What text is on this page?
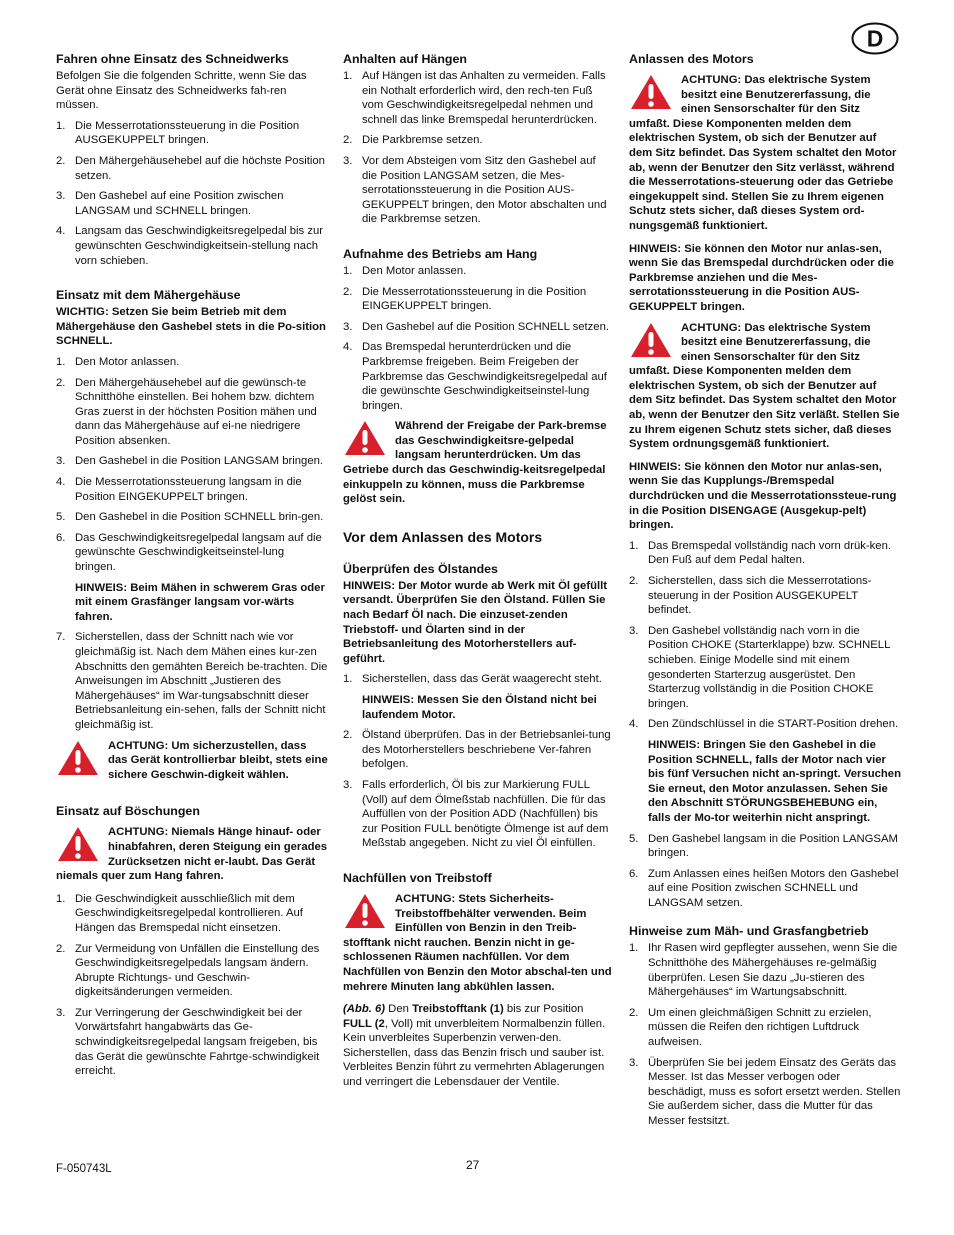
D
Fahren ohne Einsatz des Schneidwerks

Befolgen Sie die folgenden Schritte, wenn Sie das Gerät ohne Einsatz des Schneidwerks fah-ren müssen.

1. Die Messerrotationssteuerung in die Position AUSGEKUPPELT bringen.
2. Den Mähergehäusehebel auf die höchste Position setzen.
3. Den Gashebel auf eine Position zwischen LANGSAM und SCHNELL bringen.
4. Langsam das Geschwindigkeitsregelpedal bis zur gewünschten Geschwindigkeitsein-stellung nach vorn schieben.
Einsatz mit dem Mähergehäuse

WICHTIG: Setzen Sie beim Betrieb mit dem Mähergehäuse den Gashebel stets in die Po-sition SCHNELL.

1. Den Motor anlassen.
2. Den Mähergehäusehebel auf die gewünsch-te Schnitthöhe einstellen. Bei hohem bzw. dichtem Gras zuerst in der höchsten Position mähen und dann das Mähergehäuse auf ei-ne niedrigere Position absenken.
3. Den Gashebel in die Position LANGSAM bringen.
4. Die Messerrotationssteuerung langsam in die Position EINGEKUPPELT bringen.
5. Den Gashebel in die Position SCHNELL brin-gen.
6. Das Geschwindigkeitsregelpedal langsam auf die gewünschte Geschwindigkeitseinstel-lung bringen.
HINWEIS: Beim Mähen in schwerem Gras oder mit einem Grasfänger langsam vor-wärts fahren.
7. Sicherstellen, dass der Schnitt nach wie vor gleichmäßig ist. Nach dem Mähen eines kur-zen Abschnitts den gemähten Bereich be-trachten. Die Anweisungen im Abschnitt „Justieren des Mähergehäuses“ im War-tungsabschnitt dieser Betriebsanleitung ein-sehen, falls der Schnitt nicht gleichmäßig ist.
ACHTUNG: Um sicherzustellen, dass das Gerät kontrollierbar bleibt, stets eine sichere Geschwin-digkeit wählen.
Einsatz auf Böschungen
ACHTUNG: Niemals Hänge hinauf- oder hinabfahren, deren Steigung ein gerades Zurücksetzen nicht er-laubt. Das Gerät niemals quer zum Hang fahren.
1. Die Geschwindigkeit ausschließlich mit dem Geschwindigkeitsregelpedal kontrollieren. Auf Hängen das Bremspedal nicht einsetzen.
2. Zur Vermeidung von Unfällen die Einstellung des Geschwindigkeitsregelpedals langsam ändern. Abrupte Richtungs- und Geschwin-digkeitsänderungen vermeiden.
3. Zur Verringerung der Geschwindigkeit bei der Vorwärtsfahrt hangabwärts das Ge-schwindigkeitsregelpedal langsam freigeben, bis das Gerät die gewünschte Fahrtge-schwindigkeit erreicht.
Anhalten auf Hängen
1. Auf Hängen ist das Anhalten zu vermeiden. Falls ein Nothalt erforderlich wird, den rech-ten Fuß vom Geschwindigkeitsregelpedal nehmen und schnell das linke Bremspedal herunterdrücken.
2. Die Parkbremse setzen.
3. Vor dem Absteigen vom Sitz den Gashebel auf die Position LANGSAM setzen, die Mes-serrotationssteuerung in die Position AUS-GEKUPPELT bringen, den Motor abschalten und die Parkbremse setzen.
Aufnahme des Betriebs am Hang
1. Den Motor anlassen.
2. Die Messerrotationssteuerung in die Position EINGEKUPPELT bringen.
3. Den Gashebel auf die Position SCHNELL setzen.
4. Das Bremspedal herunterdrücken und die Parkbremse freigeben. Beim Freigeben der Parkbremse das Geschwindigkeitsregelpedal auf die gewünschte Geschwindigkeitseinstel-lung bringen.
Während der Freigabe der Park-bremse das Geschwindigkeitsre-gelpedal langsam herunterdrücken. Um das Getriebe durch das Geschwindig-keitsregelpedal einkuppeln zu können, muss die Parkbremse gelöst sein.
Vor dem Anlassen des Motors
Überprüfen des Ölstandes

HINWEIS: Der Motor wurde ab Werk mit Öl gefüllt versandt. Überprüfen Sie den Ölstand. Füllen Sie nach Bedarf Öl nach. Die einzuset-zenden Triebstoff- und Ölarten sind in der Betriebsanleitung des Motorherstellers auf-geführt.

1. Sicherstellen, dass das Gerät waagerecht steht.
HINWEIS: Messen Sie den Ölstand nicht bei laufendem Motor.
2. Ölstand überprüfen. Das in der Betriebsanlei-tung des Motorherstellers beschriebene Ver-fahren befolgen.
3. Falls erforderlich, Öl bis zur Markierung FULL (Voll) auf dem Ölmeßstab nachfüllen. Die für das Auffüllen von der Position ADD (Nachfüllen) bis zur Position FULL benötigte Ölmenge ist auf dem Meßstab angegeben. Nicht zu viel Öl einfüllen.
Nachfüllen von Treibstoff
ACHTUNG: Stets Sicherheits-Treibstoffbehälter verwenden. Beim Einfüllen von Benzin in den Treib-stofftank nicht rauchen. Benzin nicht in ge-schlossenen Räumen nachfüllen. Vor dem Nachfüllen von Benzin den Motor abschal-ten und mehrere Minuten lang abkühlen lassen.

(Abb. 6) Den Treibstofftank (1) bis zur Position FULL (2, Voll) mit unverbleitem Normalbenzin füllen. Kein unverbleites Superbenzin verwen-den. Sicherstellen, dass das Benzin frisch und sauber ist. Verbleites Benzin führt zu vermehrten Ablagerungen und verringert die Lebensdauer der Ventile.

Anlassen des Motors
ACHTUNG: Das elektrische System besitzt eine Benutzererfassung, die einen Sensorschalter für den Sitz umfaßt. Diese Komponenten melden dem elektrischen System, ob sich der Benutzer auf dem Sitz befindet. Das System schaltet den Motor ab, wenn der Benutzer den Sitz verlässt, während die Messerrotations-steuerung oder das Getriebe eingekuppelt sind. Stellen Sie zu Ihrem eigenen Schutz stets sicher, daß dieses System ord-nungsgemäß funktioniert.

HINWEIS: Sie können den Motor nur anlas-sen, wenn Sie das Bremspedal durchdrücken oder die Parkbremse anziehen und die Mes-serrotationssteuerung in die Position AUS-GEKUPPELT bringen.

ACHTUNG: Das elektrische System besitzt eine Benutzererfassung, die einen Sensorschalter für den Sitz umfaßt. Diese Komponenten melden dem elektrischen System, ob sich der Benutzer auf dem Sitz befindet. Das System schaltet den Motor ab, wenn der Benutzer den Sitz verläßt. Stellen Sie zu Ihrem eigenen Schutz stets sicher, daß dieses System ordnungsgemäß funktioniert.

HINWEIS: Sie können den Motor nur anlas-sen, wenn Sie das Kupplungs-/Bremspedal durchdrücken und die Messerrotationssteue-rung in die Position DISENGAGE (Ausgekup-pelt) bringen.

1. Das Bremspedal vollständig nach vorn drük-ken. Den Fuß auf dem Pedal halten.
2. Sicherstellen, dass sich die Messerrotations-steuerung in der Position AUSGEKUPELT befindet.
3. Den Gashebel vollständig nach vorn in die Position CHOKE (Starterklappe) bzw. SCHNELL schieben. Einige Modelle sind mit einem gesonderten Starterzug ausgerüstet. Den Starterzug vollständig in die Position CHOKE bringen.
4. Den Zündschlüssel in die START-Position drehen.
HINWEIS: Bringen Sie den Gashebel in die Position SCHNELL, falls der Motor nach vier bis fünf Versuchen nicht an-springt. Versuchen Sie erneut, den Motor anzulassen. Sehen Sie den Abschnitt STÖRUNGSBEHEBUNG ein, falls der Mo-tor weiterhin nicht anspringt.
5. Den Gashebel langsam in die Position LANGSAM bringen.
6. Zum Anlassen eines heißen Motors den Gashebel auf eine Position zwischen SCHNELL und LANGSAM setzen.
Hinweise zum Mäh- und Grasfangbetrieb
1. Ihr Rasen wird gepflegter aussehen, wenn Sie die Schnitthöhe des Mähergehäuses re-gelmäßig überprüfen. Lesen Sie dazu „Ju-stieren des Mähergehäuses“ im Wartungsabschnitt.
2. Um einen gleichmäßigen Schnitt zu erzielen, müssen die Reifen den richtigen Luftdruck aufweisen.
3. Überprüfen Sie bei jedem Einsatz des Geräts das Messer. Ist das Messer verbogen oder beschädigt, muss es sofort ersetzt werden. Stellen Sie außerdem sicher, dass die Mutter für das Messer festsitzt.
F-050743L	27
